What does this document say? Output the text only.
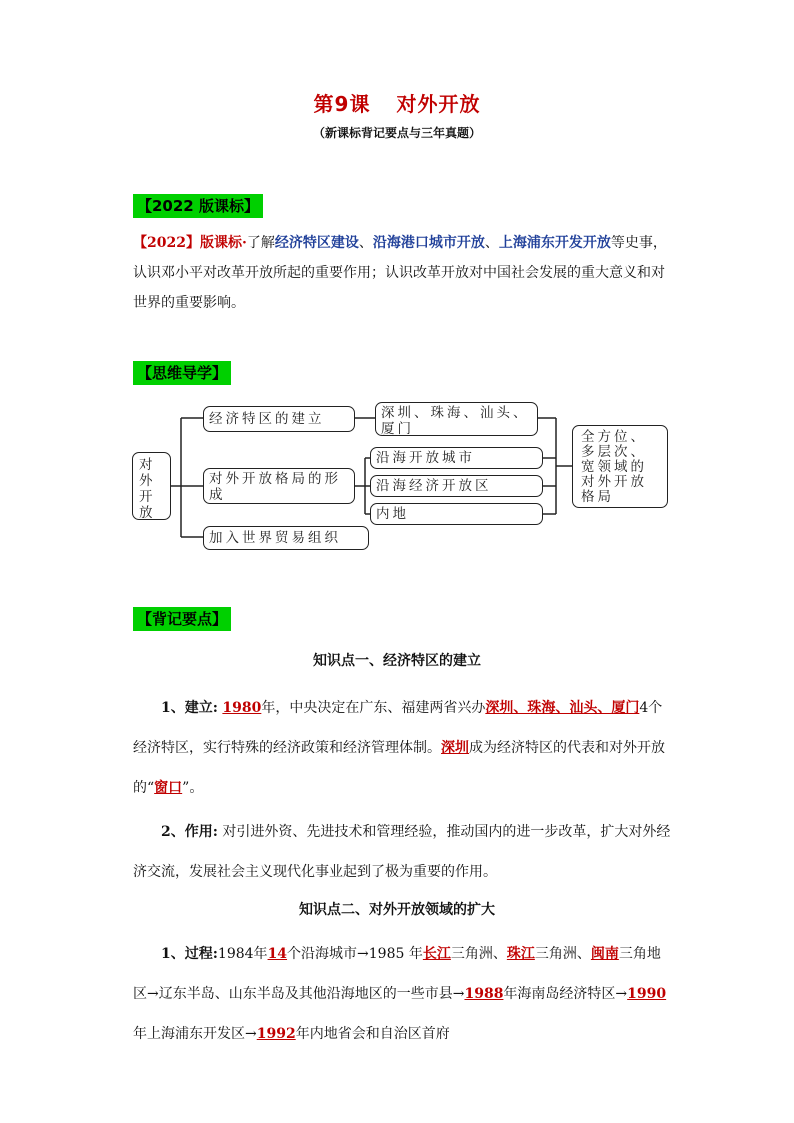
第9课 对外开放
（新课标背记要点与三年真题）
【2022 版课标】
【2022】版课标·了解经济特区建设、沿海港口城市开放、上海浦东开发开放等史事，认识邓小平对改革开放所起的重要作用；认识改革开放对中国社会发展的重大意义和对世界的重要影响。
【思维导学】
对外开放
经济特区的建立	深圳、珠海、汕头、厦门
对外开放格局的形成
沿海开放城市
沿海经济开放区
内地
加入世界贸易组织
全方位、多层次、宽领域的对外开放格局
【背记要点】
知识点一、经济特区的建立
1、建立: 1980年，中央决定在广东、福建两省兴办深圳、珠海、汕头、厦门4个经济特区，实行特殊的经济政策和经济管理体制。深圳成为经济特区的代表和对外开放的“窗口”。
2、作用: 对引进外资、先进技术和管理经验，推动国内的进一步改革，扩大对外经济交流，发展社会主义现代化事业起到了极为重要的作用。
知识点二、对外开放领域的扩大
1、过程:1984年14个沿海城市→1985 年长江三角洲、珠江三角洲、闽南三角地区→辽东半岛、山东半岛及其他沿海地区的一些市县→1988年海南岛经济特区→1990年上海浦东开发区→1992年内地省会和自治区首府
